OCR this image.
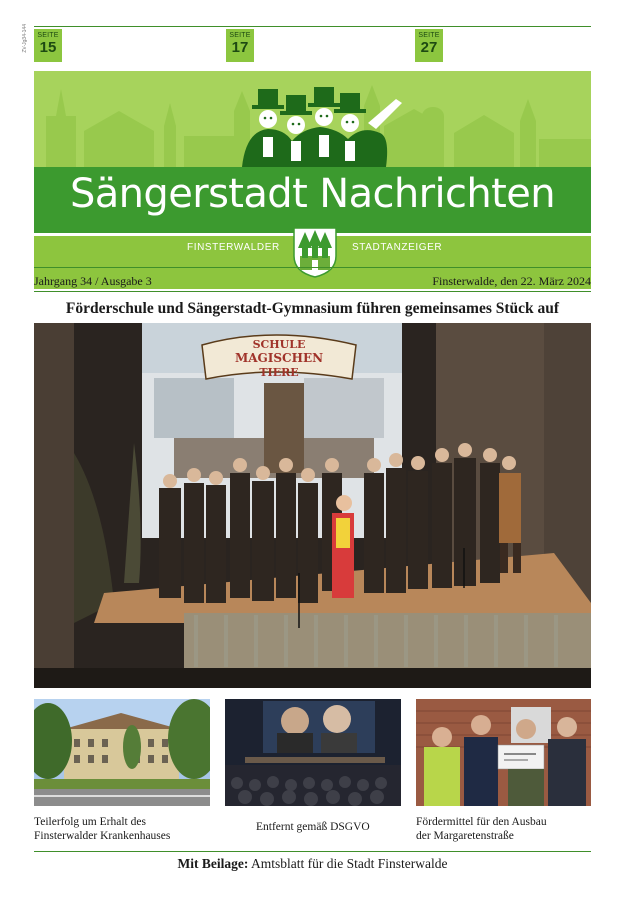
ZV-Jg34-144	SEITE
15
SEITE
17
SEITE
27
Sängerstadt Nachrichten
FINSTERWALDER	STADTANZEIGER
Jahrgang 34 / Ausgabe 3	Finsterwalde, den 22. März 2024
Förderschule und Sängerstadt-Gymnasium führen gemeinsames Stück auf
SCHULE
MAGISCHEN
TIERE
Teilerfolg um Erhalt des
Finsterwalder Krankenhauses
Entfernt gemäß DSGVO	Fördermittel für den Ausbau
der Margaretenstraße
Mit Beilage: Amtsblatt für die Stadt Finsterwalde
